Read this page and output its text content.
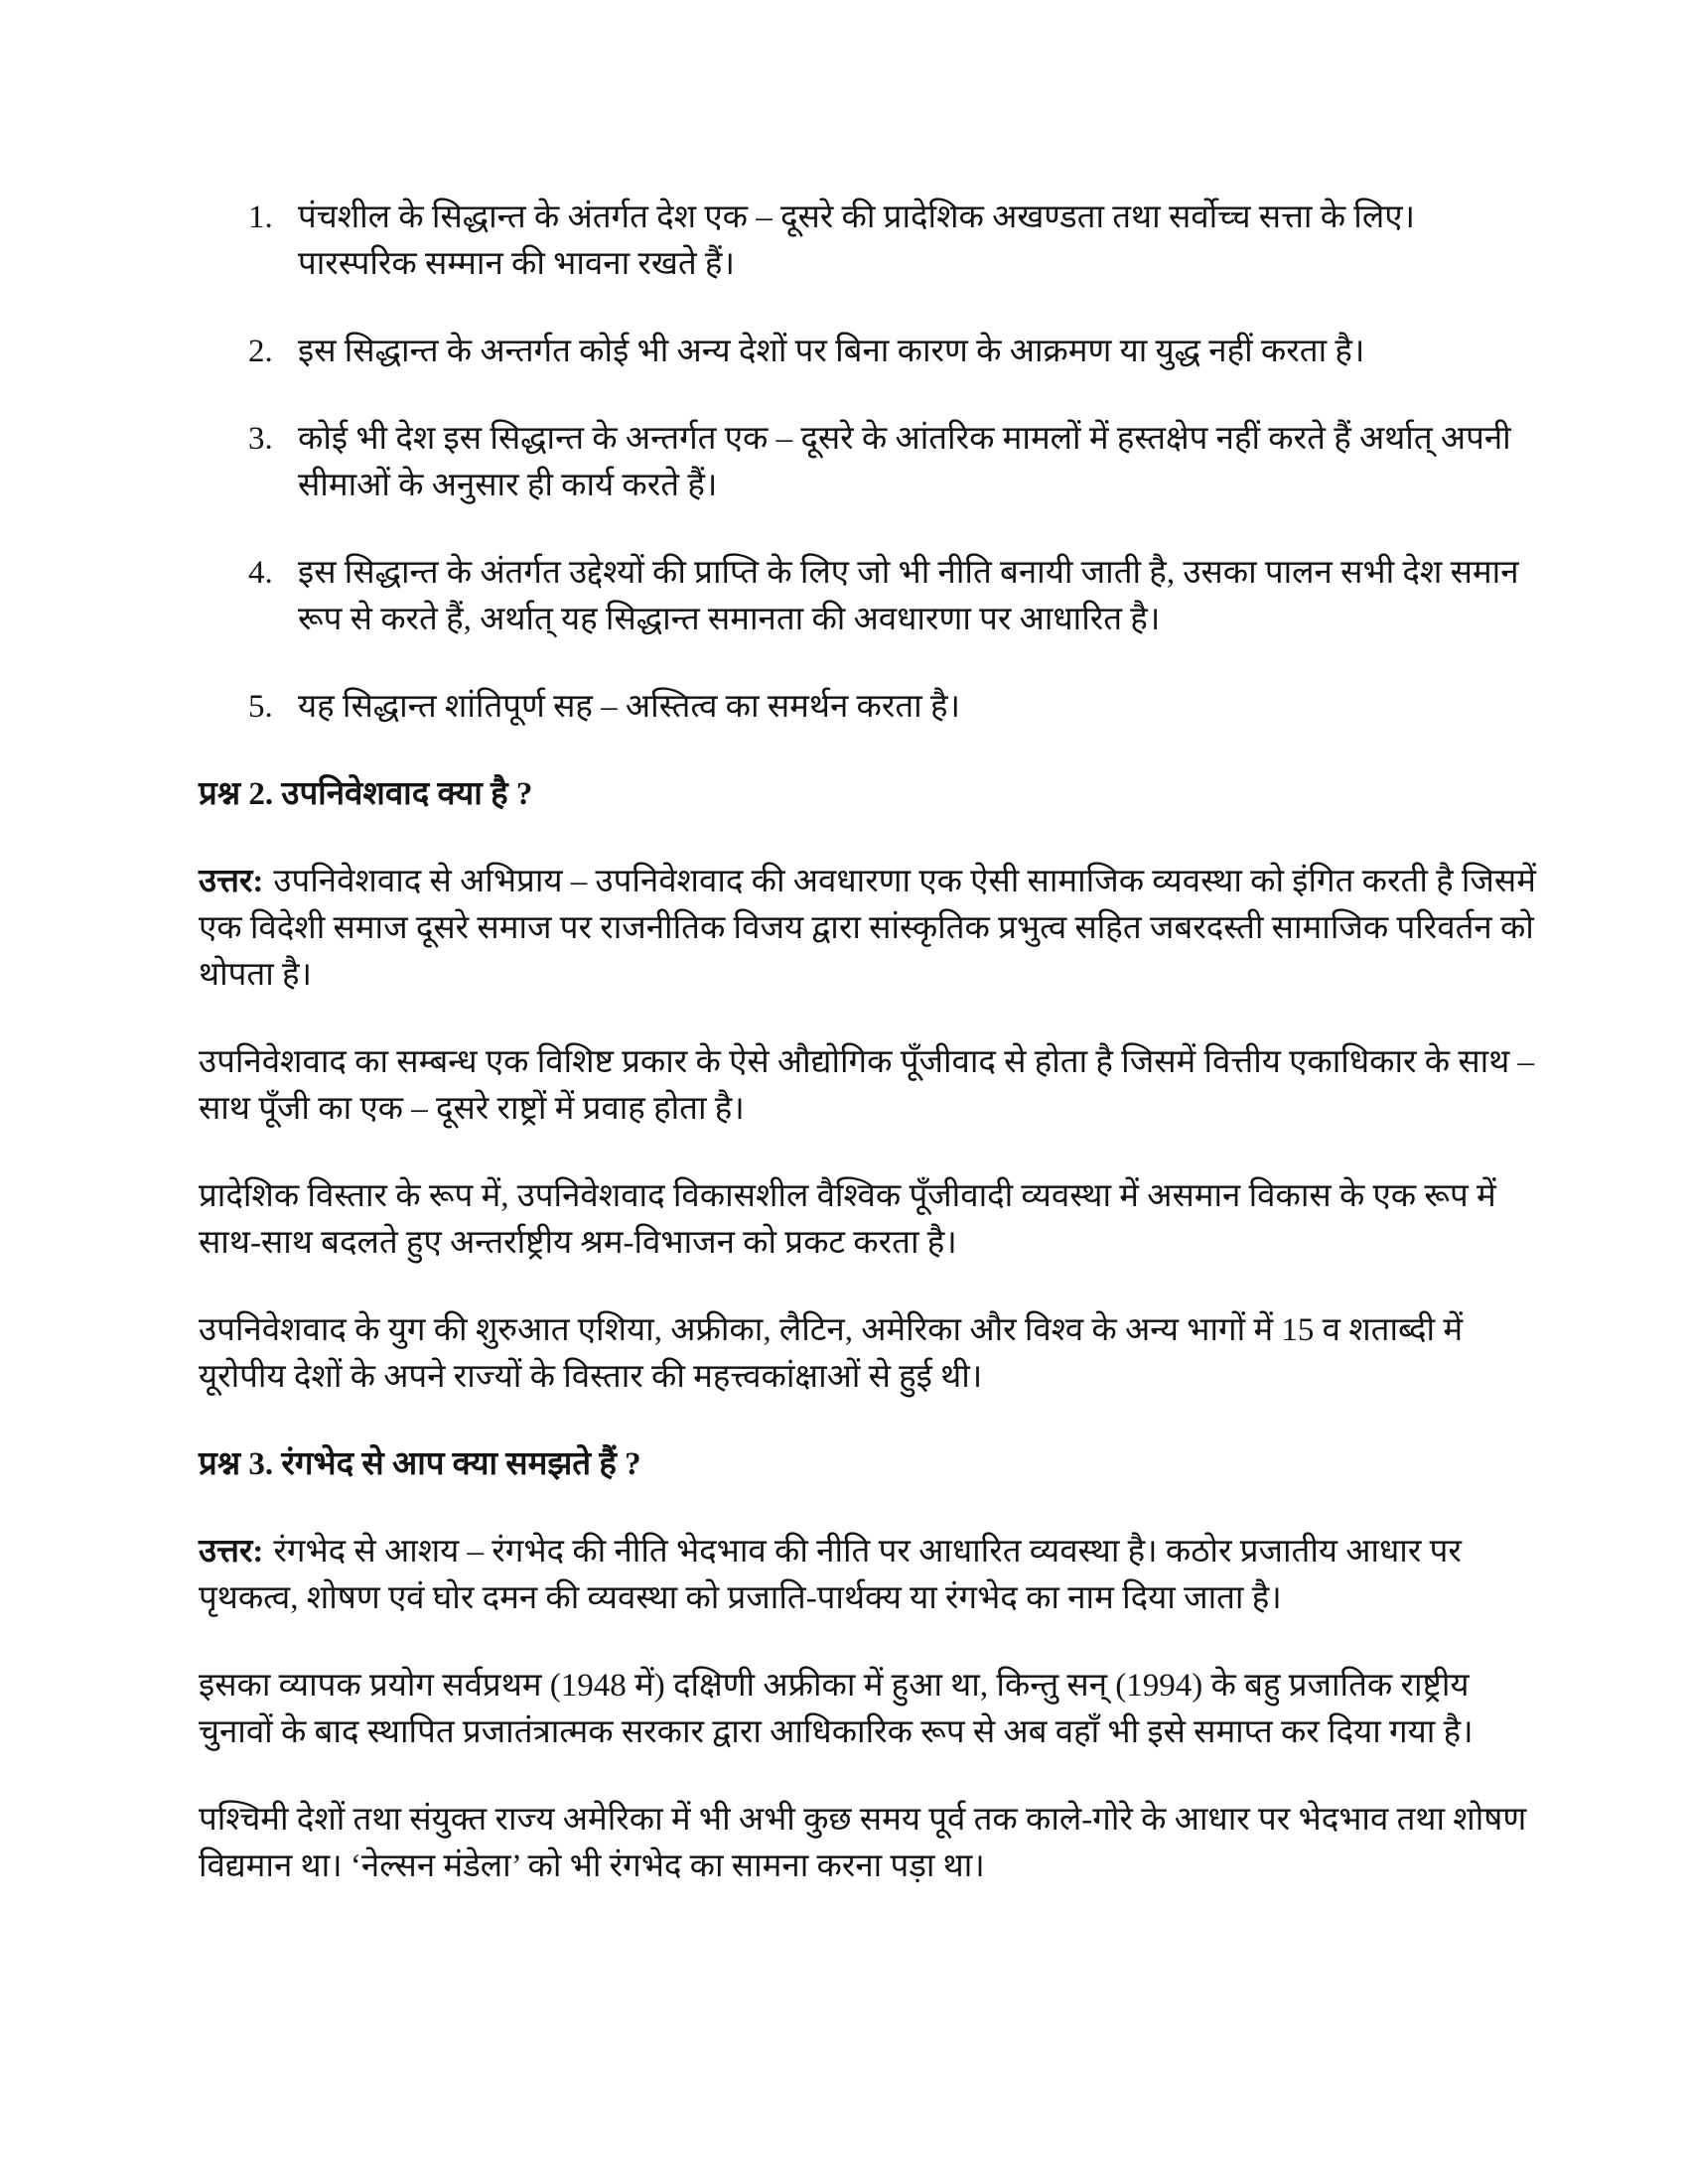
1. पंचशील के सिद्धान्त के अंतर्गत देश एक – दूसरे की प्रादेशिक अखण्डता तथा सर्वोच्च सत्ता के लिए। पारस्परिक सम्मान की भावना रखते हैं।
2. इस सिद्धान्त के अन्तर्गत कोई भी अन्य देशों पर बिना कारण के आक्रमण या युद्ध नहीं करता है।
3. कोई भी देश इस सिद्धान्त के अन्तर्गत एक – दूसरे के आंतरिक मामलों में हस्तक्षेप नहीं करते हैं अर्थात् अपनी सीमाओं के अनुसार ही कार्य करते हैं।
4. इस सिद्धान्त के अंतर्गत उद्देश्यों की प्राप्ति के लिए जो भी नीति बनायी जाती है, उसका पालन सभी देश समान रूप से करते हैं, अर्थात् यह सिद्धान्त समानता की अवधारणा पर आधारित है।
5. यह सिद्धान्त शांतिपूर्ण सह – अस्तित्व का समर्थन करता है।
प्रश्न 2. उपनिवेशवाद क्या है ?

उत्तर: उपनिवेशवाद से अभिप्राय – उपनिवेशवाद की अवधारणा एक ऐसी सामाजिक व्यवस्था को इंगित करती है जिसमें एक विदेशी समाज दूसरे समाज पर राजनीतिक विजय द्वारा सांस्कृतिक प्रभुत्व सहित जबरदस्ती सामाजिक परिवर्तन को थोपता है।

उपनिवेशवाद का सम्बन्ध एक विशिष्ट प्रकार के ऐसे औद्योगिक पूँजीवाद से होता है जिसमें वित्तीय एकाधिकार के साथ – साथ पूँजी का एक – दूसरे राष्ट्रों में प्रवाह होता है।

प्रादेशिक विस्तार के रूप में, उपनिवेशवाद विकासशील वैश्विक पूँजीवादी व्यवस्था में असमान विकास के एक रूप में साथ-साथ बदलते हुए अन्तर्राष्ट्रीय श्रम-विभाजन को प्रकट करता है।

उपनिवेशवाद के युग की शुरुआत एशिया, अफ्रीका, लैटिन, अमेरिका और विश्व के अन्य भागों में 15 व शताब्दी में यूरोपीय देशों के अपने राज्यों के विस्तार की महत्त्वकांक्षाओं से हुई थी।

प्रश्न 3. रंगभेद से आप क्या समझते हैं ?

उत्तर: रंगभेद से आशय – रंगभेद की नीति भेदभाव की नीति पर आधारित व्यवस्था है। कठोर प्रजातीय आधार पर पृथकत्व, शोषण एवं घोर दमन की व्यवस्था को प्रजाति-पार्थक्य या रंगभेद का नाम दिया जाता है।

इसका व्यापक प्रयोग सर्वप्रथम (1948 में) दक्षिणी अफ्रीका में हुआ था, किन्तु सन् (1994) के बहु प्रजातिक राष्ट्रीय चुनावों के बाद स्थापित प्रजातंत्रात्मक सरकार द्वारा आधिकारिक रूप से अब वहाँ भी इसे समाप्त कर दिया गया है।

पश्चिमी देशों तथा संयुक्त राज्य अमेरिका में भी अभी कुछ समय पूर्व तक काले-गोरे के आधार पर भेदभाव तथा शोषण विद्यमान था। ‘नेल्सन मंडेला’ को भी रंगभेद का सामना करना पड़ा था।
